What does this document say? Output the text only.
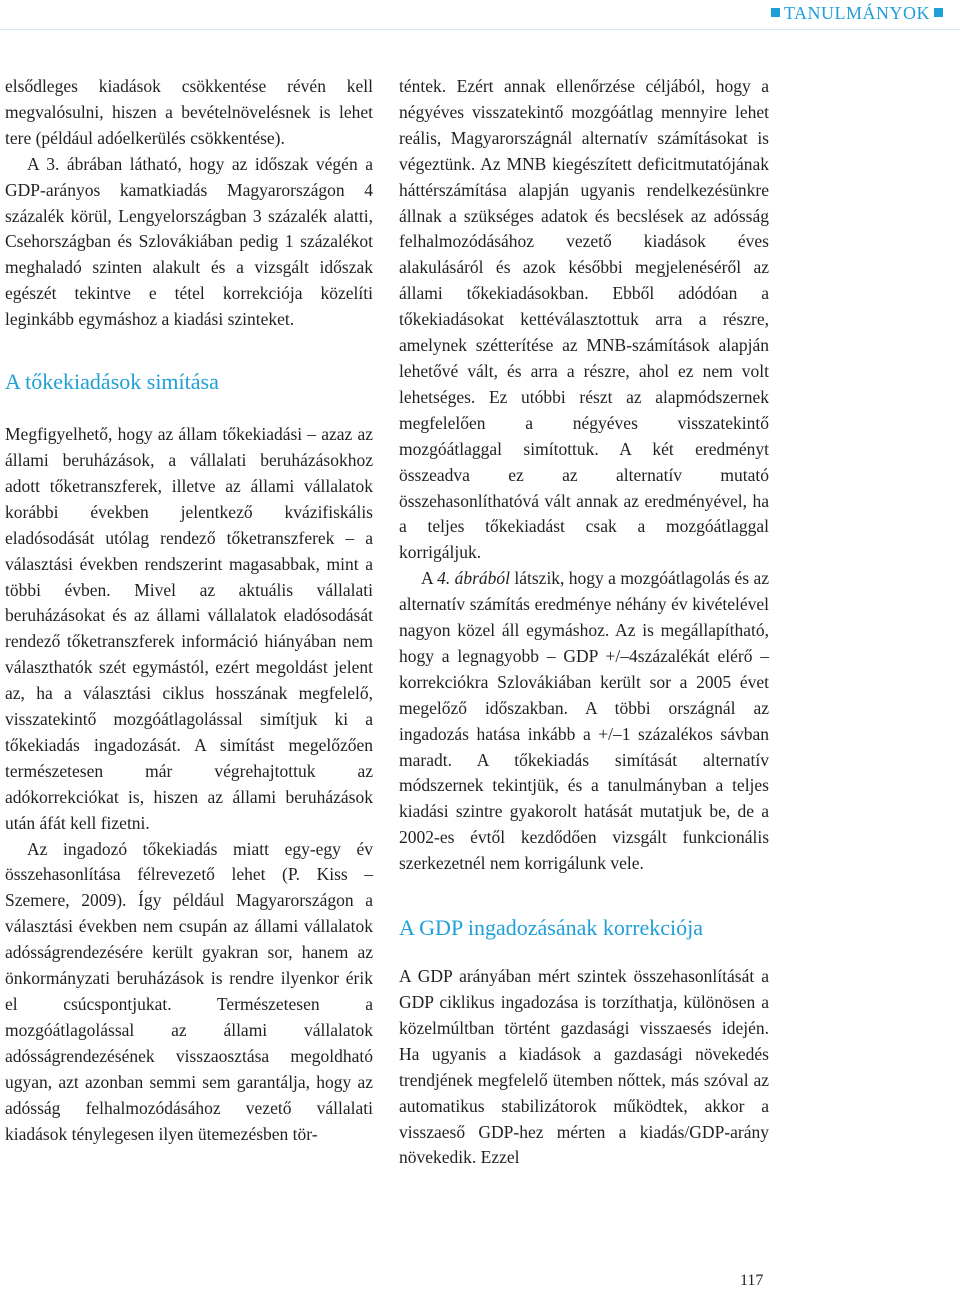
TANULMÁNYOK

elsődleges kiadások csökkentése révén kell megvalósulni, hiszen a bevételnövelésnek is lehet tere (például adóelkerülés csökkentése).

A 3. ábrában látható, hogy az időszak végén a GDP-arányos kamatkiadás Magyarországon 4 százalék körül, Lengyelországban 3 százalék alatti, Csehországban és Szlovákiában pedig 1 százalékot meghaladó szinten alakult és a vizsgált időszak egészét tekintve e tétel korrekciója közelíti leginkább egymáshoz a kiadási szinteket.

A tőkekiadások simítása

Megfigyelhető, hogy az állam tőkekiadási – azaz az állami beruházások, a vállalati beruházásokhoz adott tőketranszferek, illetve az állami vállalatok korábbi években jelentkező kvázifiskális eladósodását utólag rendező tőketranszferek – a választási években rendszerint magasabbak, mint a többi évben. Mivel az aktuális vállalati beruházásokat és az állami vállalatok eladósodását rendező tőketranszferek információ hiányában nem választhatók szét egymástól, ezért megoldást jelent az, ha a választási ciklus hosszának megfelelő, visszatekintő mozgóátlagolással simítjuk ki a tőkekiadás ingadozását. A simítást megelőzően természetesen már végrehajtottuk az adókorrekciókat is, hiszen az állami beruházások után áfát kell fizetni.

Az ingadozó tőkekiadás miatt egy-egy év összehasonlítása félrevezető lehet (P. Kiss – Szemere, 2009). Így például Magyarországon a választási években nem csupán az állami vállalatok adósságrendezésére került gyakran sor, hanem az önkormányzati beruházások is rendre ilyenkor érik el csúcspontjukat. Természetesen a mozgóátlagolással az állami vállalatok adósságrendezésének visszaosztása megoldható ugyan, azt azonban semmi sem garantálja, hogy az adósság felhalmozódásához vezető vállalati kiadások ténylegesen ilyen ütemezésben tör-

téntek. Ezért annak ellenőrzése céljából, hogy a négyéves visszatekintő mozgóátlag mennyire lehet reális, Magyarországnál alternatív számításokat is végeztünk. Az MNB kiegészített deficitmutatójának háttérszámítása alapján ugyanis rendelkezésünkre állnak a szükséges adatok és becslések az adósság felhalmozódásához vezető kiadások éves alakulásáról és azok későbbi megjelenéséről az állami tőkekiadásokban. Ebből adódóan a tőkekiadásokat kettéválasztottuk arra a részre, amelynek szétterítése az MNB-számítások alapján lehetővé vált, és arra a részre, ahol ez nem volt lehetséges. Ez utóbbi részt az alapmódszernek megfelelően a négyéves visszatekintő mozgóátlaggal simítottuk. A két eredményt összeadva ez az alternatív mutató összehasonlíthatóvá vált annak az eredményével, ha a teljes tőkekiadást csak a mozgóátlaggal korrigáljuk.

A 4. ábrából látszik, hogy a mozgóátlagolás és az alternatív számítás eredménye néhány év kivételével nagyon közel áll egymáshoz. Az is megállapítható, hogy a legnagyobb – GDP +/–4százalékát elérő – korrekciókra Szlovákiában került sor a 2005 évet megelőző időszakban. A többi országnál az ingadozás hatása inkább a +/–1 százalékos sávban maradt. A tőkekiadás simítását alternatív módszernek tekintjük, és a tanulmányban a teljes kiadási szintre gyakorolt hatását mutatjuk be, de a 2002-es évtől kezdődően vizsgált funkcionális szerkezetnél nem korrigálunk vele.

A GDP ingadozásának korrekciója

A GDP arányában mért szintek összehasonlítását a GDP ciklikus ingadozása is torzíthatja, különösen a közelmúltban történt gazdasági visszaesés idején. Ha ugyanis a kiadások a gazdasági növekedés trendjének megfelelő ütemben nőttek, más szóval az automatikus stabilizátorok működtek, akkor a visszaeső GDP-hez mérten a kiadás/GDP-arány növekedik. Ezzel

117
